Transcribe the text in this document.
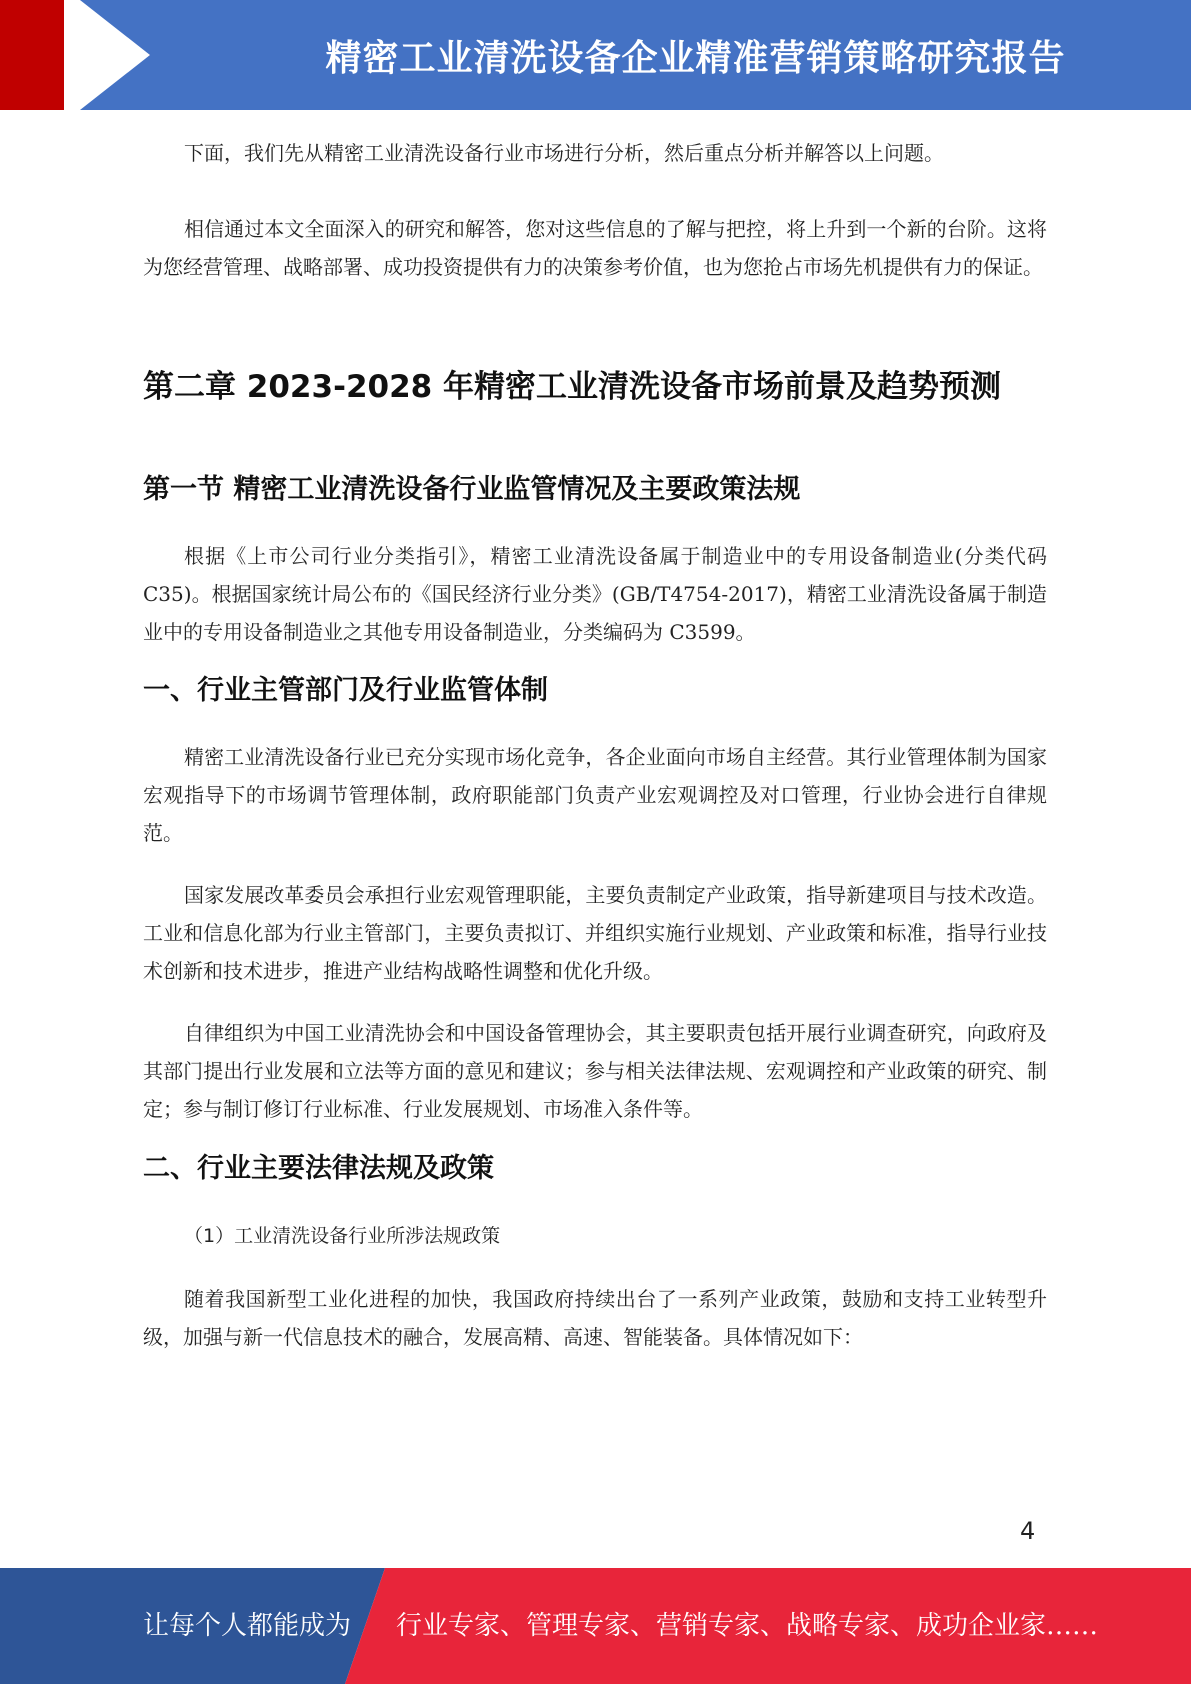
精密工业清洗设备企业精准营销策略研究报告

下面，我们先从精密工业清洗设备行业市场进行分析，然后重点分析并解答以上问题。

相信通过本文全面深入的研究和解答，您对这些信息的了解与把控，将上升到一个新的台阶。这将为您经营管理、战略部署、成功投资提供有力的决策参考价值，也为您抢占市场先机提供有力的保证。

第二章 2023-2028 年精密工业清洗设备市场前景及趋势预测
第一节 精密工业清洗设备行业监管情况及主要政策法规

根据《上市公司行业分类指引》，精密工业清洗设备属于制造业中的专用设备制造业(分类代码 C35)。根据国家统计局公布的《国民经济行业分类》(GB/T4754-2017)，精密工业清洗设备属于制造业中的专用设备制造业之其他专用设备制造业，分类编码为 C3599。

一、行业主管部门及行业监管体制

精密工业清洗设备行业已充分实现市场化竞争，各企业面向市场自主经营。其行业管理体制为国家宏观指导下的市场调节管理体制，政府职能部门负责产业宏观调控及对口管理，行业协会进行自律规范。

国家发展改革委员会承担行业宏观管理职能，主要负责制定产业政策，指导新建项目与技术改造。工业和信息化部为行业主管部门，主要负责拟订、并组织实施行业规划、产业政策和标准，指导行业技术创新和技术进步，推进产业结构战略性调整和优化升级。

自律组织为中国工业清洗协会和中国设备管理协会，其主要职责包括开展行业调查研究，向政府及其部门提出行业发展和立法等方面的意见和建议；参与相关法律法规、宏观调控和产业政策的研究、制定；参与制订修订行业标准、行业发展规划、市场准入条件等。

二、行业主要法律法规及政策

（1）工业清洗设备行业所涉法规政策

随着我国新型工业化进程的加快，我国政府持续出台了一系列产业政策，鼓励和支持工业转型升级，加强与新一代信息技术的融合，发展高精、高速、智能装备。具体情况如下：

4
让每个人都能成为 行业专家、管理专家、营销专家、战略专家、成功企业家……
